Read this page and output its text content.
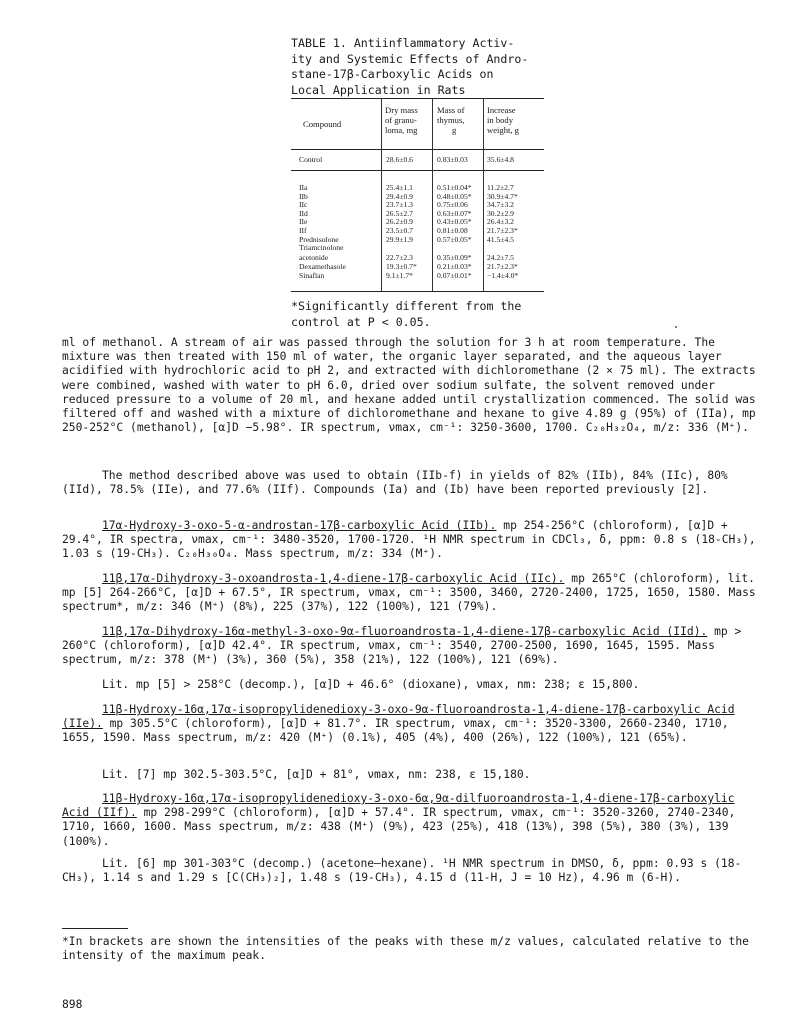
TABLE 1. Antiinflammatory Activ-
ity and Systemic Effects of Andro-
stane-17β-Carboxylic Acids on
Local Application in Rats
Compound
Dry mass
of granu-
loma, mg
Mass of
thymus,
g
Increase
in body
weight, g
Control	28.6±0.6	0.83±0.03	35.6±4.8
IIa	25.4±1.1	0.51±0.04* 11.2±2.7
IIb	29.4±0.9	0.48±0.05* 30.9±4.7*
IIc	23.7±1.3	0.75±0.06	34.7±3.2
IId	26.5±2.7	0.63±0.07* 30.2±2.9
IIe	26.2±0.9	0.43±0.05* 26.4±3.2
IIf	23.5±0.7	0.81±0.08	21.7±2.3*
Prednisolone	29.9±1.9	0.57±0.05* 41.5±4.5
Triamcinolone
acetonide	22.7±2.3	0.35±0.09* 24.2±7.5
Dexamethasole	19.3±0.7*	0.21±0.03* 21.7±2.3*
Sinaflan	9.1±1.7*	0.07±0.01* −1.4±4.0*
*Significantly different from the
control at P < 0.05.

ml of methanol. A stream of air was passed through the solution for 3 h at room temperature. The mixture was then treated with 150 ml of water, the organic layer separated, and the aqueous layer acidified with hydrochloric acid to pH 2, and extracted with dichloromethane (2 × 75 ml). The extracts were combined, washed with water to pH 6.0, dried over sodium sulfate, the solvent removed under reduced pressure to a volume of 20 ml, and hexane added until crystallization commenced. The solid was filtered off and washed with a mixture of dichloromethane and hexane to give 4.89 g (95%) of (IIa), mp 250-252°C (methanol), [α]D −5.98°. IR spectrum, νmax, cm⁻¹: 3250-3600, 1700. C₂₀H₃₂O₄, m/z: 336 (M⁺).

The method described above was used to obtain (IIb-f) in yields of 82% (IIb), 84% (IIc), 80% (IId), 78.5% (IIe), and 77.6% (IIf). Compounds (Ia) and (Ib) have been reported previously [2].

17α-Hydroxy-3-oxo-5-α-androstan-17β-carboxylic Acid (IIb). mp 254-256°C (chloroform), [α]D + 29.4°, IR spectra, νmax, cm⁻¹: 3480-3520, 1700-1720. ¹H NMR spectrum in CDCl₃, δ, ppm: 0.8 s (18-CH₃), 1.03 s (19-CH₃). C₂₀H₃₀O₄. Mass spectrum, m/z: 334 (M⁺).

11β,17α-Dihydroxy-3-oxoandrosta-1,4-diene-17β-carboxylic Acid (IIc). mp 265°C (chloroform), lit. mp [5] 264-266°C, [α]D + 67.5°, IR spectrum, νmax, cm⁻¹: 3500, 3460, 2720-2400, 1725, 1650, 1580. Mass spectrum*, m/z: 346 (M⁺) (8%), 225 (37%), 122 (100%), 121 (79%).

11β,17α-Dihydroxy-16α-methyl-3-oxo-9α-fluoroandrosta-1,4-diene-17β-carboxylic Acid (IId). mp > 260°C (chloroform), [α]D 42.4°. IR spectrum, νmax, cm⁻¹: 3540, 2700-2500, 1690, 1645, 1595. Mass spectrum, m/z: 378 (M⁺) (3%), 360 (5%), 358 (21%), 122 (100%), 121 (69%).

Lit. mp [5] > 258°C (decomp.), [α]D + 46.6° (dioxane), νmax, nm: 238; ε 15,800.

11β-Hydroxy-16α,17α-isopropylidenedioxy-3-oxo-9α-fluoroandrosta-1,4-diene-17β-carboxylic Acid (IIe). mp 305.5°C (chloroform), [α]D + 81.7°. IR spectrum, νmax, cm⁻¹: 3520-3300, 2660-2340, 1710, 1655, 1590. Mass spectrum, m/z: 420 (M⁺) (0.1%), 405 (4%), 400 (26%), 122 (100%), 121 (65%).

Lit. [7] mp 302.5-303.5°C, [α]D + 81°, νmax, nm: 238, ε 15,180.

11β-Hydroxy-16α,17α-isopropylidenedioxy-3-oxo-6α,9α-dilfuoroandrosta-1,4-diene-17β-carboxylic Acid (IIf). mp 298-299°C (chloroform), [α]D + 57.4°. IR spectrum, νmax, cm⁻¹: 3520-3260, 2740-2340, 1710, 1660, 1600. Mass spectrum, m/z: 438 (M⁺) (9%), 423 (25%), 418 (13%), 398 (5%), 380 (3%), 139 (100%).

Lit. [6] mp 301-303°C (decomp.) (acetone–hexane). ¹H NMR spectrum in DMSO, δ, ppm: 0.93 s (18-CH₃), 1.14 s and 1.29 s [C(CH₃)₂], 1.48 s (19-CH₃), 4.15 d (11-H, J = 10 Hz), 4.96 m (6-H).

*In brackets are shown the intensities of the peaks with these m/z values, calculated relative to the intensity of the maximum peak.
898
